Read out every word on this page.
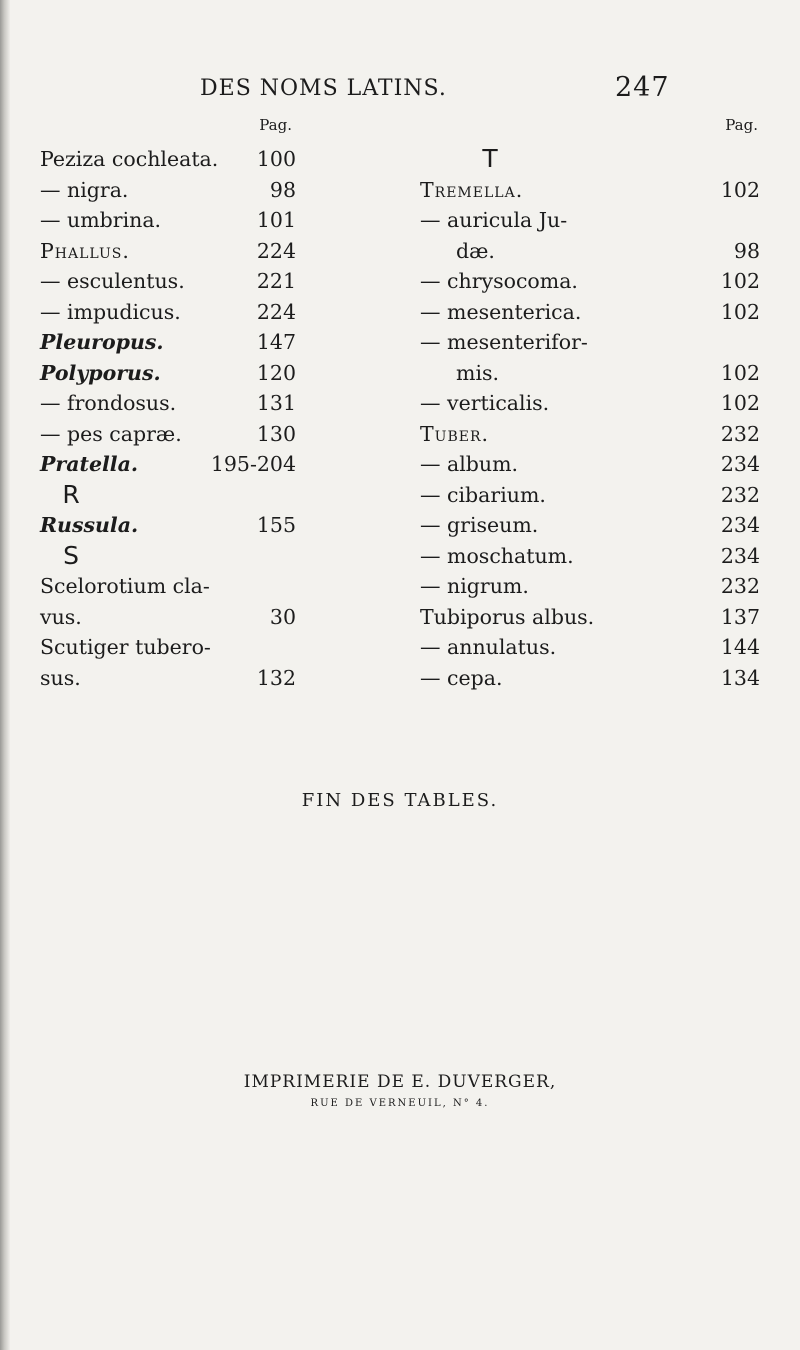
DES NOMS LATINS.	247
Pag.
Peziza cochleata. 100
— nigra.	98
— umbrina.	101
Phallus.	224
— esculentus.	221
— impudicus.	224
Pleuropus.	147
Polyporus.	120
— frondosus.	131
— pes capræ.	130
Pratella.	195-204
R
Russula.	155
S
Scelorotium cla-
vus.	30
Scutiger tubero-
sus.	132
Pag.
T
Tremella.	102
— auricula Ju-
dæ.	98
— chrysocoma.	102
— mesenterica.	102
— mesenterifor-
mis.	102
— verticalis.	102
Tuber.	232
— album.	234
— cibarium.	232
— griseum.	234
— moschatum.	234
— nigrum.	232
Tubiporus albus.	137
— annulatus.	144
— cepa.	134
FIN DES TABLES.
IMPRIMERIE DE E. DUVERGER,
RUE DE VERNEUIL, N° 4.
